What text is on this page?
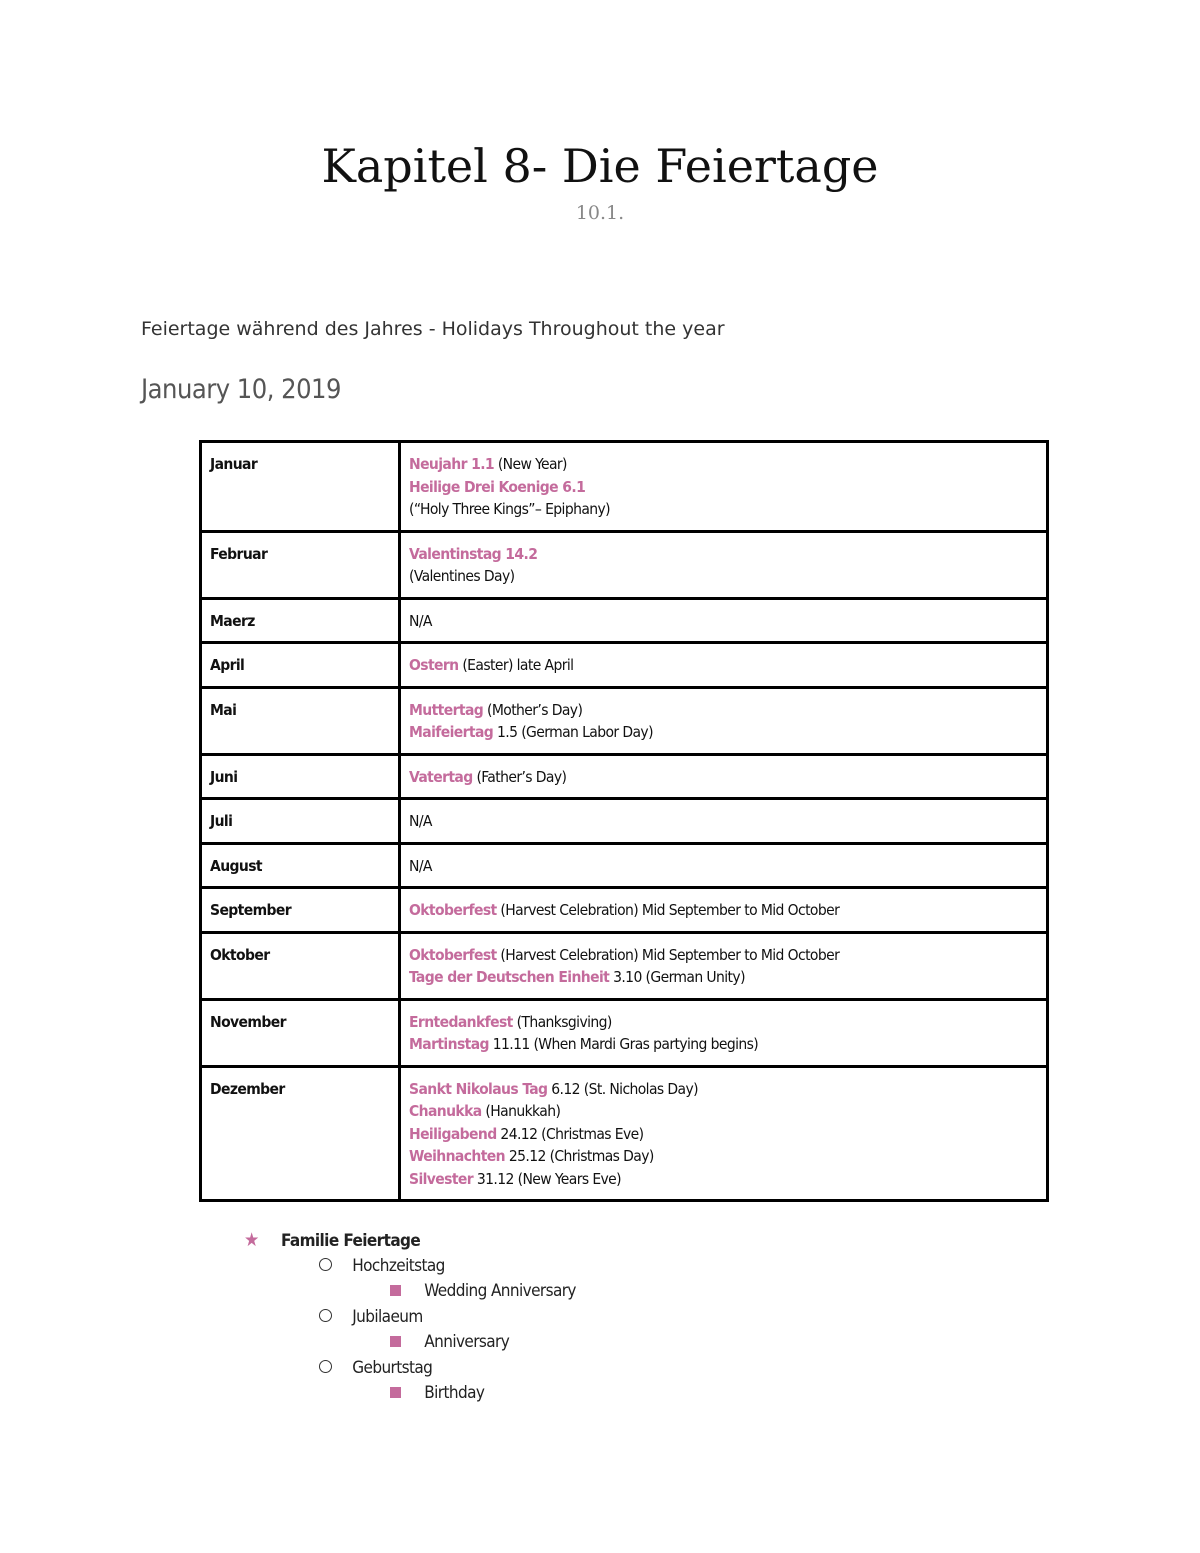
Kapitel 8- Die Feiertage
10.1.
Feiertage während des Jahres - Holidays Throughout the year
January 10, 2019
Januar	Neujahr 1.1 (New Year)
Heilige Drei Koenige 6.1
(“Holy Three Kings”– Epiphany)

Februar	Valentinstag 14.2
(Valentines Day)

Maerz	N/A

April	Ostern (Easter) late April

Mai	Muttertag (Mother’s Day)
Maifeiertag 1.5 (German Labor Day)

Juni	Vatertag (Father’s Day)

Juli	N/A

August	N/A

September	Oktoberfest (Harvest Celebration) Mid September to Mid October

Oktober	Oktoberfest (Harvest Celebration) Mid September to Mid October
Tage der Deutschen Einheit 3.10 (German Unity)

November	Erntedankfest (Thanksgiving)
Martinstag 11.11 (When Mardi Gras partying begins)

Dezember	Sankt Nikolaus Tag 6.12 (St. Nicholas Day)
Chanukka (Hanukkah)
Heiligabend 24.12 (Christmas Eve)
Weihnachten 25.12 (Christmas Day)
Silvester 31.12 (New Years Eve)
★ Familie Feiertage
Hochzeitstag
Wedding Anniversary
Jubilaeum
Anniversary
Geburtstag
Birthday
